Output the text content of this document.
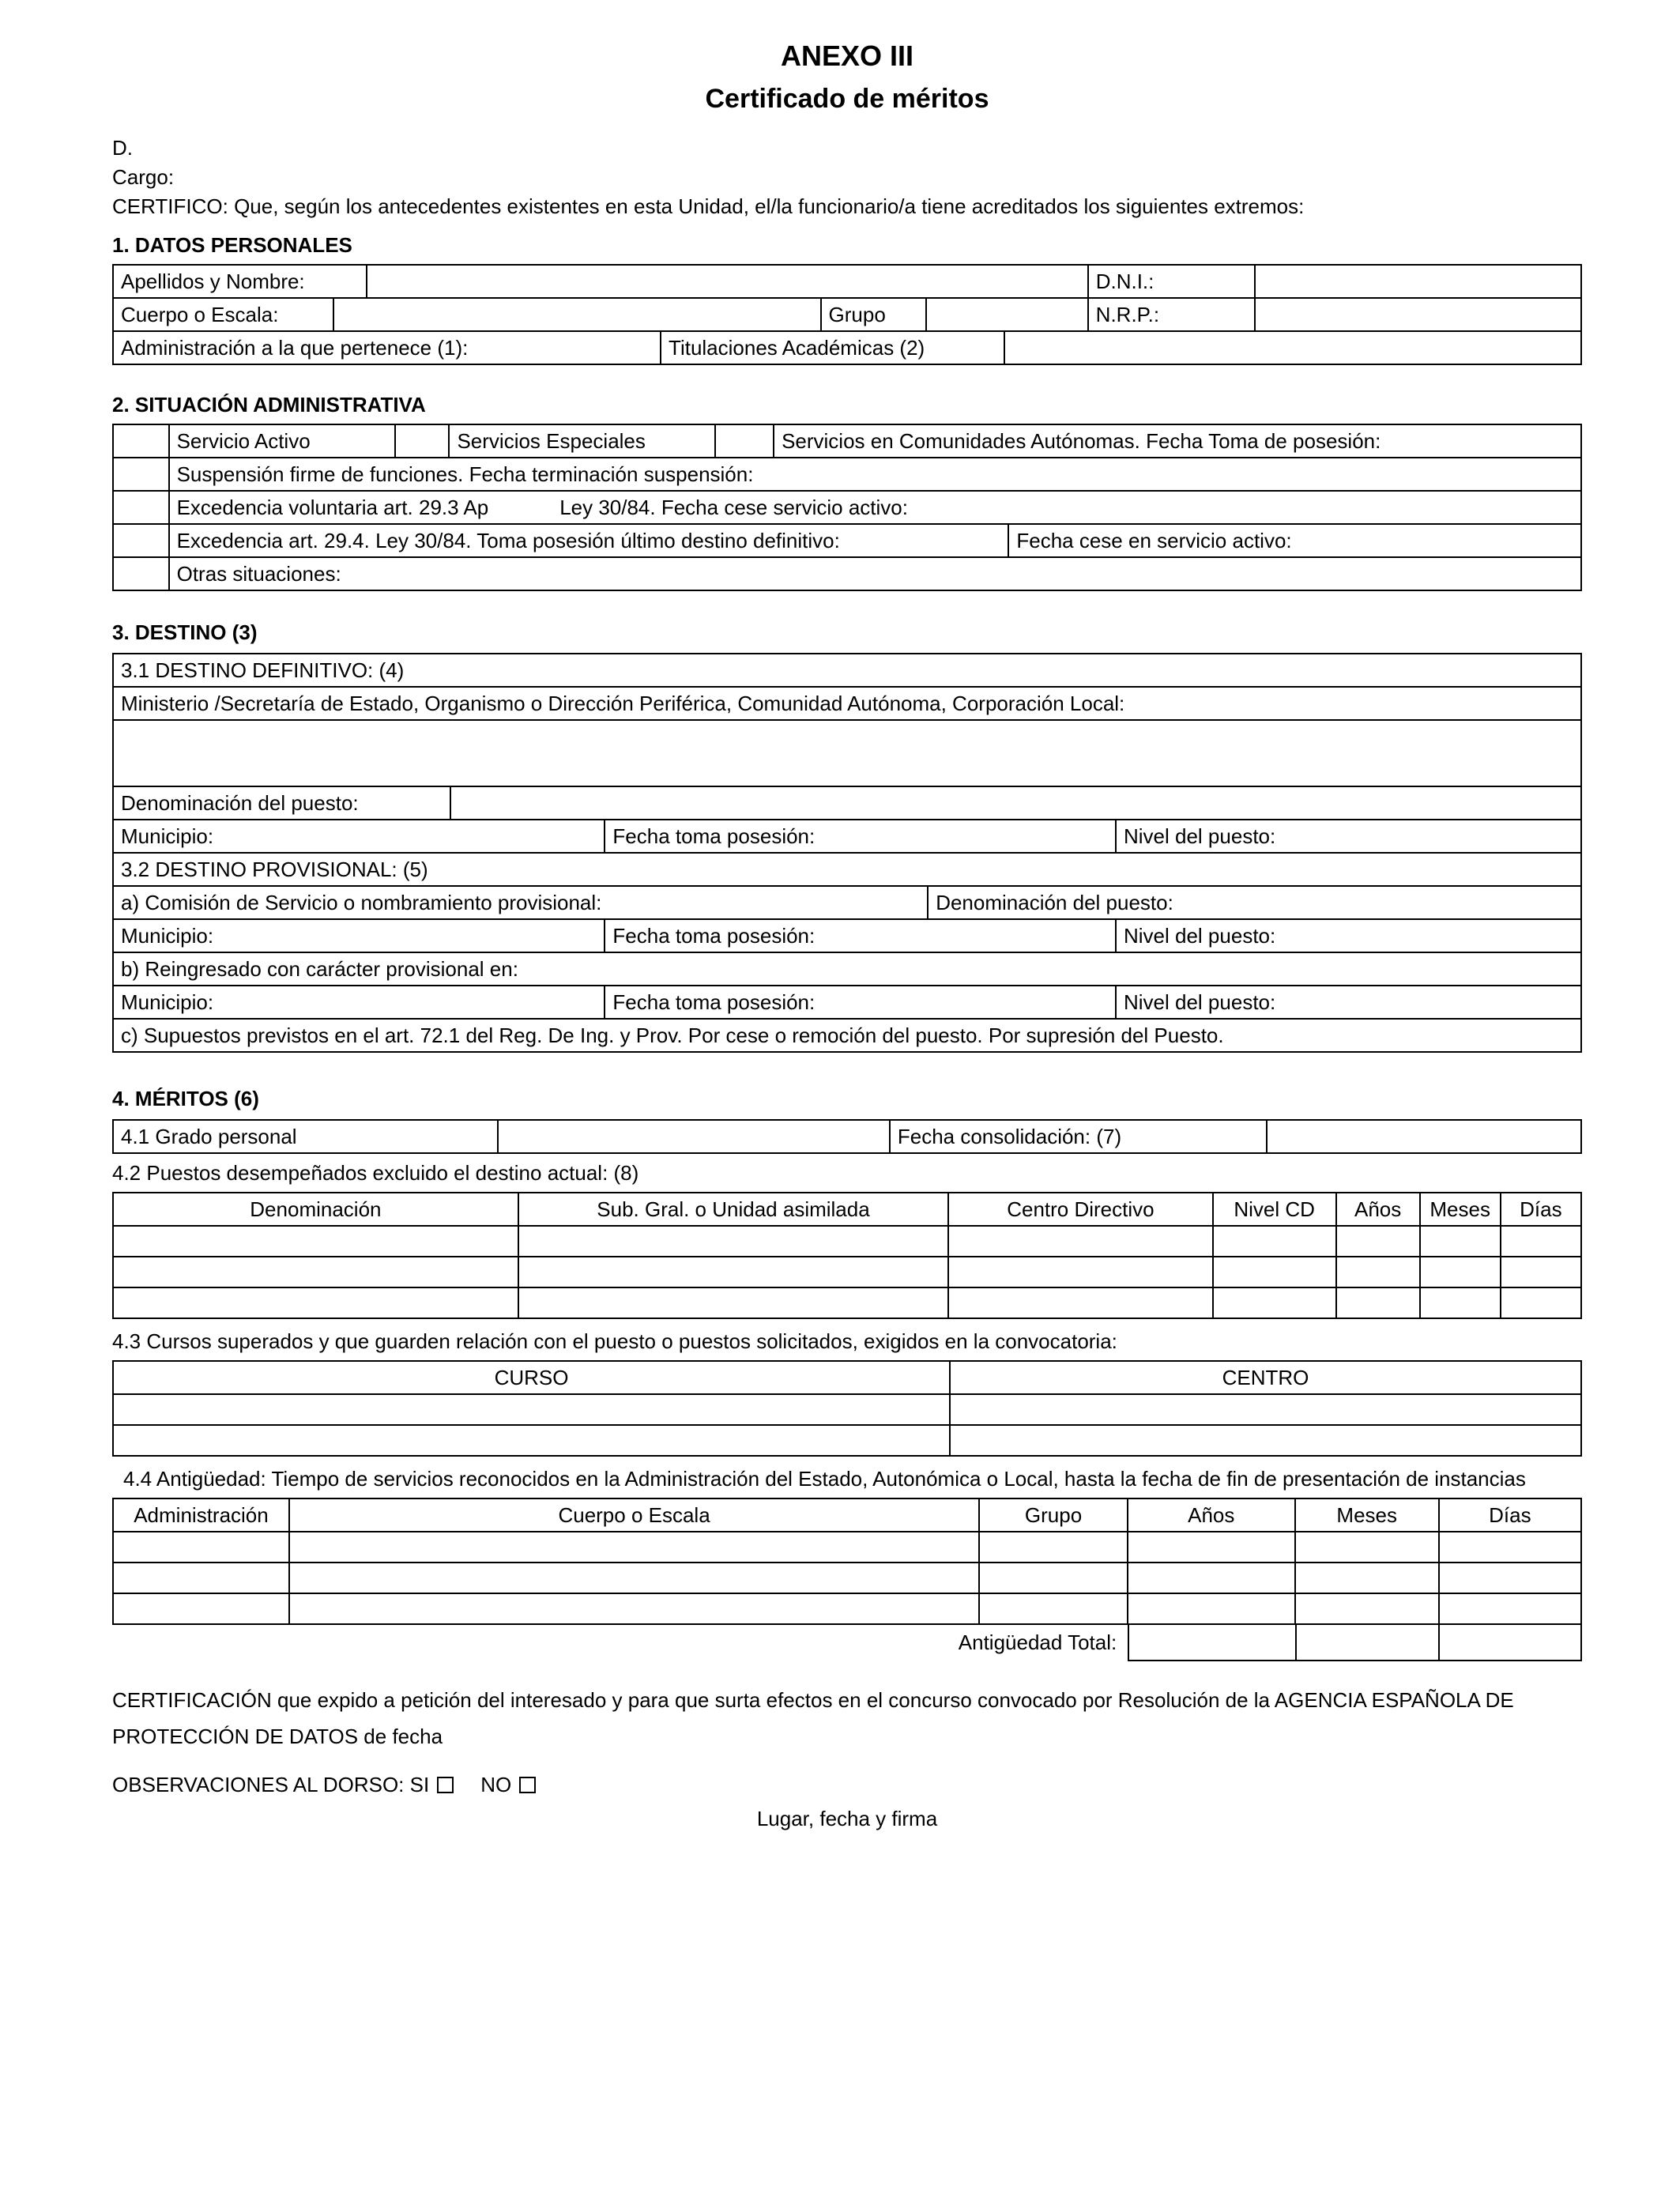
ANEXO III
Certificado de méritos
D.
Cargo:
CERTIFICO: Que, según los antecedentes existentes en esta Unidad, el/la funcionario/a tiene acreditados los siguientes extremos:
1. DATOS PERSONALES
Apellidos y Nombre:	D.N.I.:
Cuerpo o Escala:	Grupo	N.R.P.:
Administración a la que pertenece (1):	Titulaciones Académicas (2)
2. SITUACIÓN ADMINISTRATIVA
Servicio Activo	Servicios Especiales	Servicios en Comunidades Autónomas. Fecha Toma de posesión:
Suspensión firme de funciones. Fecha terminación suspensión:
Excedencia voluntaria art. 29.3 Ap	Ley 30/84. Fecha cese servicio activo:
Excedencia art. 29.4. Ley 30/84. Toma posesión último destino definitivo:	Fecha cese en servicio activo:
Otras situaciones:
3. DESTINO (3)
3.1 DESTINO DEFINITIVO: (4)
Ministerio /Secretaría de Estado, Organismo o Dirección Periférica, Comunidad Autónoma, Corporación Local:
Denominación del puesto:
Municipio:	Fecha toma posesión:	Nivel del puesto:
3.2 DESTINO PROVISIONAL: (5)
a) Comisión de Servicio o nombramiento provisional:	Denominación del puesto:
Municipio:	Fecha toma posesión:	Nivel del puesto:
b) Reingresado con carácter provisional en:
Municipio:	Fecha toma posesión:	Nivel del puesto:
c) Supuestos previstos en el art. 72.1 del Reg. De Ing. y Prov. Por cese o remoción del puesto. Por supresión del Puesto.
4. MÉRITOS (6)
4.1 Grado personal	Fecha consolidación: (7)
4.2 Puestos desempeñados excluido el destino actual: (8)
Denominación	Sub. Gral. o Unidad asimilada	Centro Directivo	Nivel CD	Años	Meses	Días
4.3 Cursos superados y que guarden relación con el puesto o puestos solicitados, exigidos en la convocatoria:
CURSO	CENTRO
4.4 Antigüedad: Tiempo de servicios reconocidos en la Administración del Estado, Autonómica o Local, hasta la fecha de fin de presentación de instancias
Administración	Cuerpo o Escala	Grupo	Años	Meses	Días
Antigüedad Total:
CERTIFICACIÓN que expido a petición del interesado y para que surta efectos en el concurso convocado por Resolución de la AGENCIA ESPAÑOLA DE PROTECCIÓN DE DATOS de fecha
OBSERVACIONES AL DORSO: SI	NO
Lugar, fecha y firma
